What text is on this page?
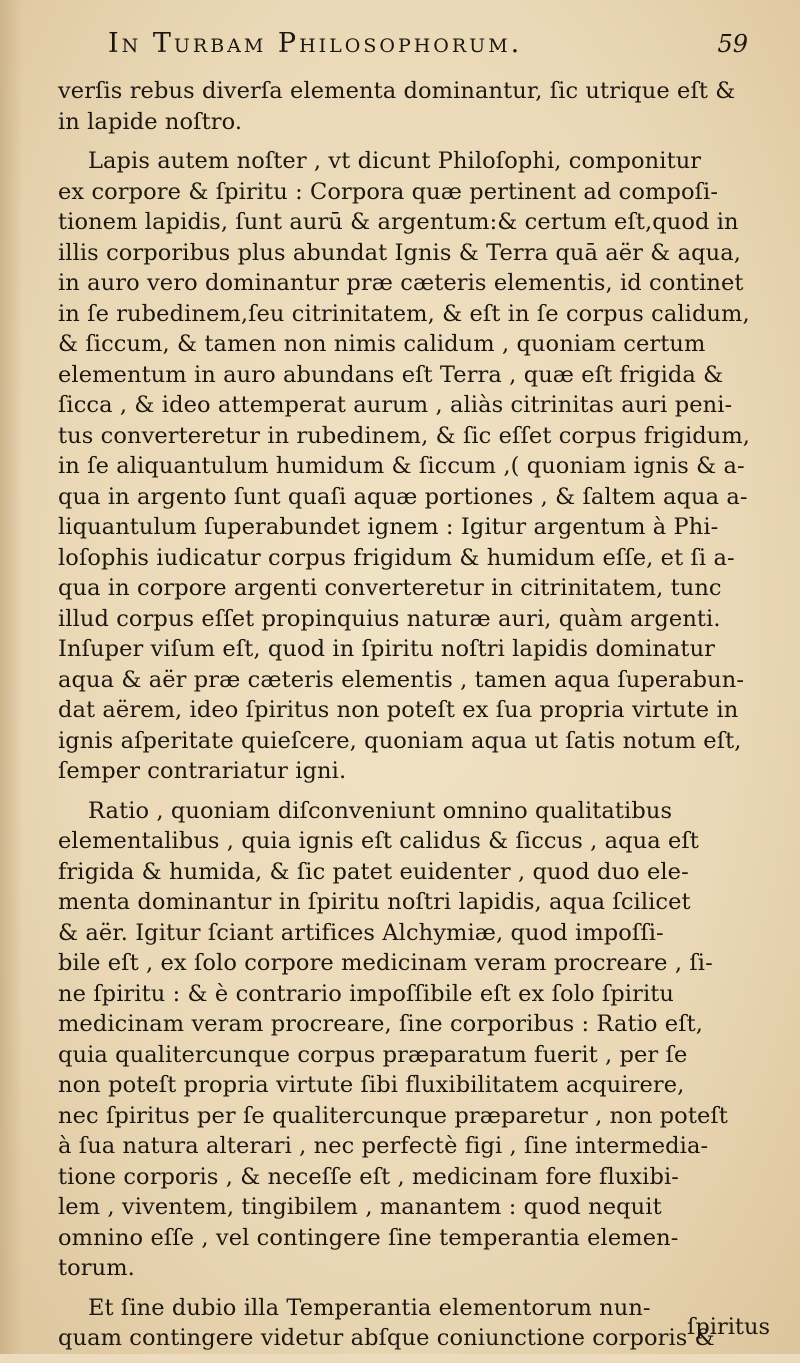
In Turbam Philosophorum.	59
verſis rebus diverſa elementa dominantur, ſic utrique eſt &
in lapide noſtro.
Lapis autem noſter , vt dicunt Philoſophi, componitur
ex corpore & ſpiritu : Corpora quæ pertinent ad compoſi-
tionem lapidis, ſunt aurū & argentum:& certum eſt,quod in
illis corporibus plus abundat Ignis & Terra quā aër & aqua,
in auro vero dominantur præ cæteris elementis, id continet
in ſe rubedinem,ſeu citrinitatem, & eſt in ſe corpus calidum,
& ſiccum, & tamen non nimis calidum , quoniam certum
elementum in auro abundans eſt Terra , quæ eſt frigida &
ſicca , & ideo attemperat aurum , aliàs citrinitas auri peni-
tus converteretur in rubedinem, & ſic eſſet corpus frigidum,
in ſe aliquantulum humidum & ſiccum ,( quoniam ignis & a-
qua in argento ſunt quaſi aquæ portiones , & ſaltem aqua a-
liquantulum ſuperabundet ignem : Igitur argentum à Phi-
loſophis iudicatur corpus frigidum & humidum eſſe, et ſi a-
qua in corpore argenti converteretur in citrinitatem, tunc
illud corpus eſſet propinquius naturæ auri, quàm argenti.
Inſuper viſum eſt, quod in ſpiritu noſtri lapidis dominatur
aqua & aër præ cæteris elementis , tamen aqua ſuperabun-
dat aërem, ideo ſpiritus non poteſt ex ſua propria virtute in
ignis aſperitate quieſcere, quoniam aqua ut ſatis notum eſt,
ſemper contrariatur igni.
Ratio , quoniam diſconveniunt omnino qualitatibus
elementalibus , quia ignis eſt calidus & ſiccus , aqua eſt
frigida & humida, & ſic patet euidenter , quod duo ele-
menta dominantur in ſpiritu noſtri lapidis, aqua ſcilicet
& aër. Igitur ſciant artifices Alchymiæ, quod impoſſi-
bile eſt , ex ſolo corpore medicinam veram procreare , ſi-
ne ſpiritu : & è contrario impoſſibile eſt ex ſolo ſpiritu
medicinam veram procreare, ſine corporibus : Ratio eſt,
quia qualitercunque corpus præparatum fuerit , per ſe
non poteſt propria virtute ſibi fluxibilitatem acquirere,
nec ſpiritus per ſe qualitercunque præparetur , non poteſt
à ſua natura alterari , nec perfectè figi , ſine intermedia-
tione corporis , & neceſſe eſt , medicinam fore fluxibi-
lem , viventem, tingibilem , manantem : quod nequit
omnino eſſe , vel contingere ſine temperantia elemen-
torum.
Et ſine dubio illa Temperantia elementorum nun-
quam contingere videtur abſque coniunctione corporis &
ſpiritus
